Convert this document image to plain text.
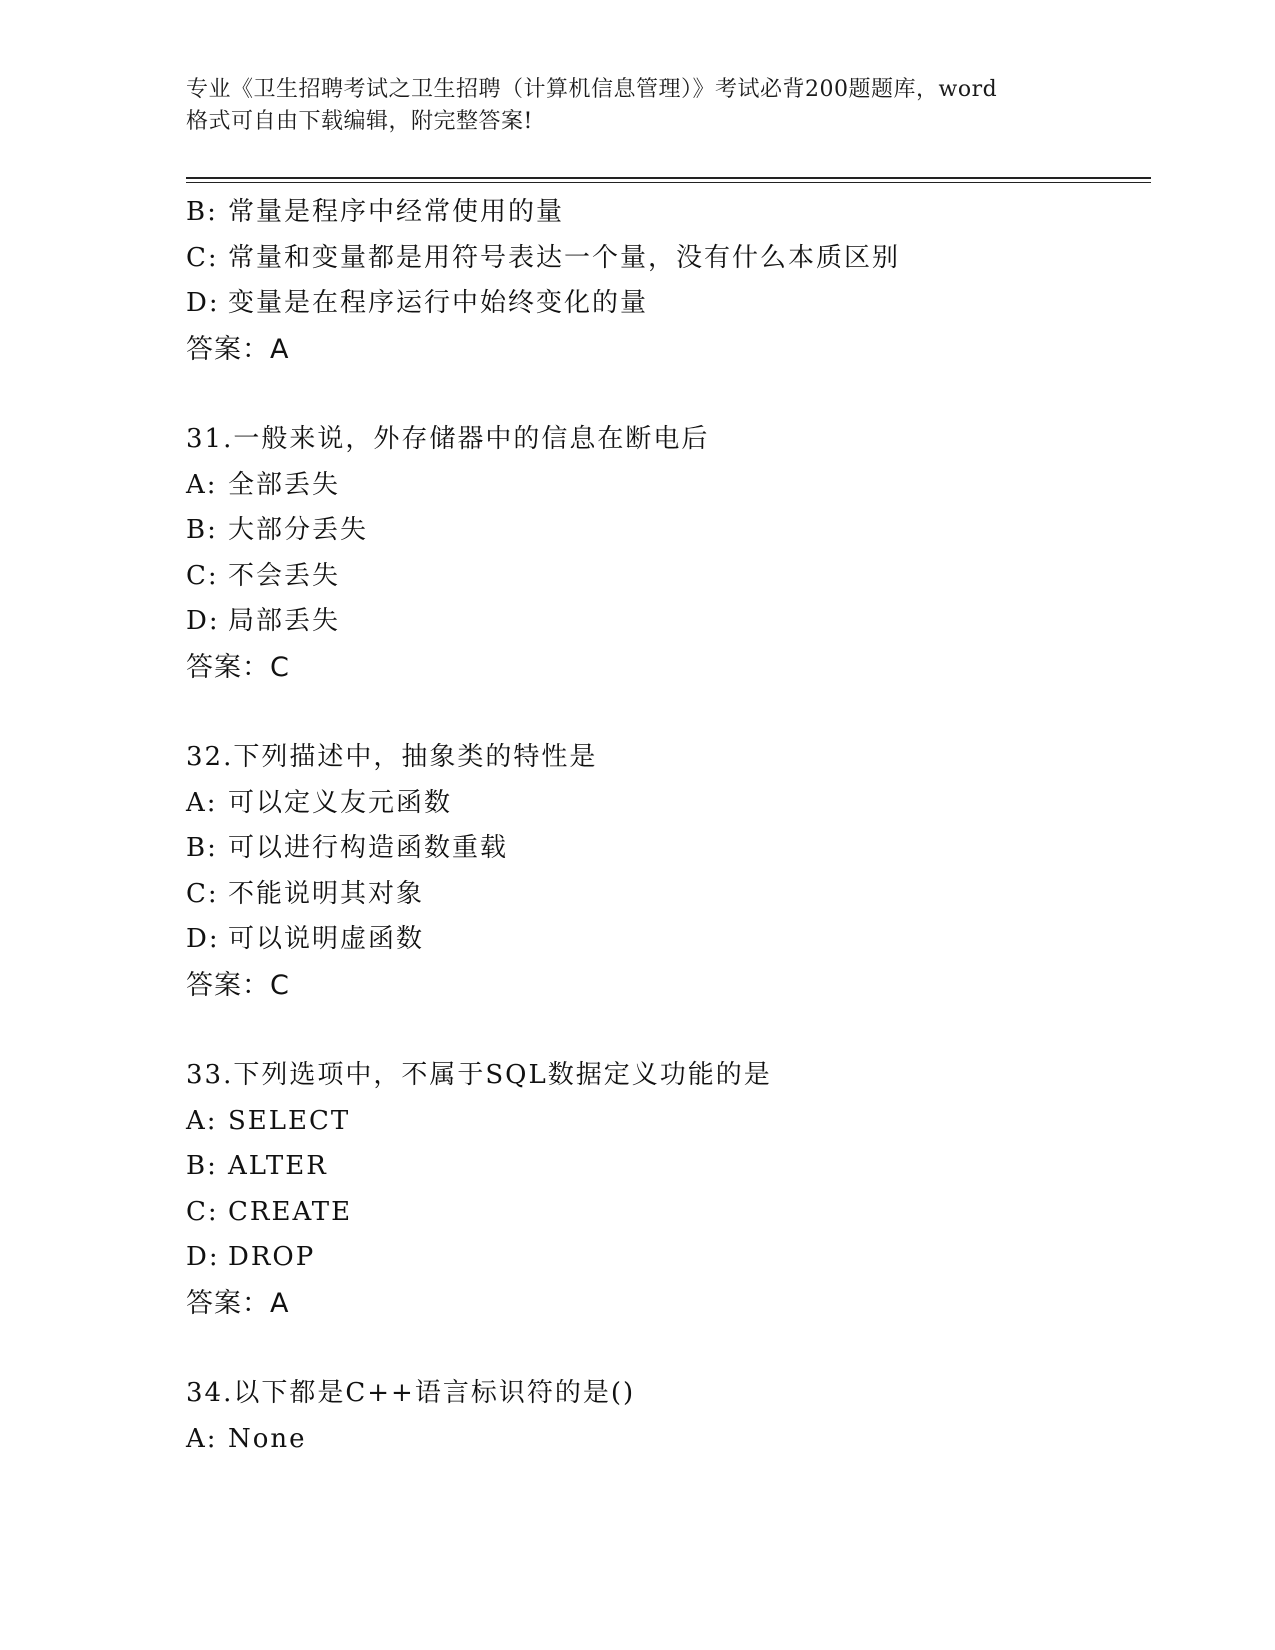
专业《卫生招聘考试之卫生招聘（计算机信息管理）》考试必背200题题库，word
格式可自由下载编辑，附完整答案!
B: 常量是程序中经常使用的量
C: 常量和变量都是用符号表达一个量，没有什么本质区别
D: 变量是在程序运行中始终变化的量
答案：A
31.一般来说，外存储器中的信息在断电后
A: 全部丢失
B: 大部分丢失
C: 不会丢失
D: 局部丢失
答案：C
32.下列描述中，抽象类的特性是
A: 可以定义友元函数
B: 可以进行构造函数重载
C: 不能说明其对象
D: 可以说明虚函数
答案：C
33.下列选项中，不属于SQL数据定义功能的是
A: SELECT
B: ALTER
C: CREATE
D: DROP
答案：A
34.以下都是C++语言标识符的是()
A: None
